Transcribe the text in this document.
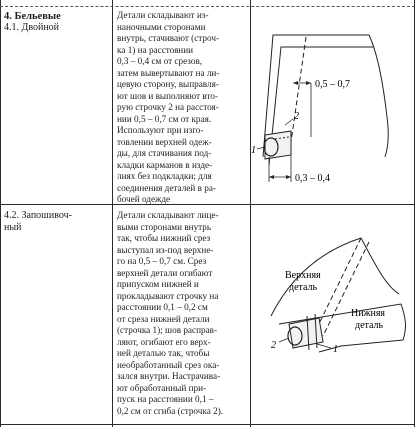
4. Бельевые
4.1. Двойной
Детали складывают из-
наночными сторонами
внутрь, стачивают (строч-
ка 1) на расстоянии
0,3 – 0,4 см от срезов,
затем вывертывают на ли-
цевую сторону, выправля-
ют шов и выполняют вто-
рую строчку 2 на расстоя-
нии 0,5 – 0,7 см от края.
Используют при изго-
товлении верхней одеж-
ды, для стачивания под-
кладки карманов в изде-
лиях без подкладки; для
соединения деталей в ра-
бочей одежде
0,5 – 0,7
0,3 – 0,4
2
1
4.2. Запошивоч-
ный
Детали складывают лице-
выми сторонами внутрь
так, чтобы нижний срез
выступал из-под верхне-
го на 0,5 – 0,7 см. Срез
верхней детали огибают
припуском нижней и
прокладывают строчку на
расстоянии 0,1 – 0,2 см
от среза нижней детали
(строчка 1); шов расправ-
ляют, огибают его верх-
ней деталью так, чтобы
необработанный срез ока-
зался внутри. Настрачива-
ют обработанный при-
пуск на расстоянии 0,1 –
0,2 см от сгиба (строчка 2).
Верхняя
деталь
Нижняя
деталь
2	1
